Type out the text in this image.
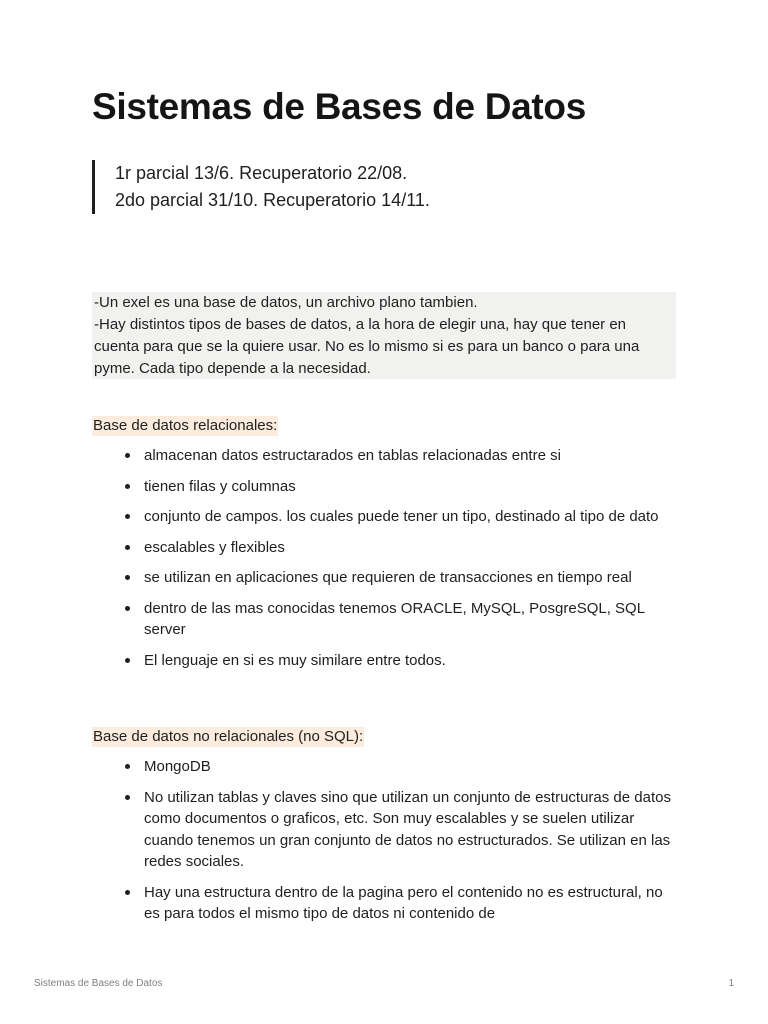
Sistemas de Bases de Datos
1r parcial 13/6. Recuperatorio 22/08.
2do parcial 31/10. Recuperatorio 14/11.

-Un exel es una base de datos, un archivo plano tambien.

-Hay distintos tipos de bases de datos, a la hora de elegir una, hay que tener en cuenta para que se la quiere usar. No es lo mismo si es para un banco o para una pyme. Cada tipo depende a la necesidad.

Base de datos relacionales:
almacenan datos estructarados en tablas relacionadas entre si
tienen filas y columnas
conjunto de campos. los cuales puede tener un tipo, destinado al tipo de dato
escalables y flexibles
se utilizan en aplicaciones que requieren de transacciones en tiempo real
dentro de las mas conocidas tenemos ORACLE, MySQL, PosgreSQL, SQL server
El lenguaje en si es muy similare entre todos.
Base de datos no relacionales (no SQL):
MongoDB
No utilizan tablas y claves sino que utilizan un conjunto de estructuras de datos como documentos o graficos, etc. Son muy escalables y se suelen utilizar cuando tenemos un gran conjunto de datos no estructurados. Se utilizan en las redes sociales.
Hay una estructura dentro de la pagina pero el contenido no es estructural, no es para todos el mismo tipo de datos ni contenido de
Sistemas de Bases de Datos	1
